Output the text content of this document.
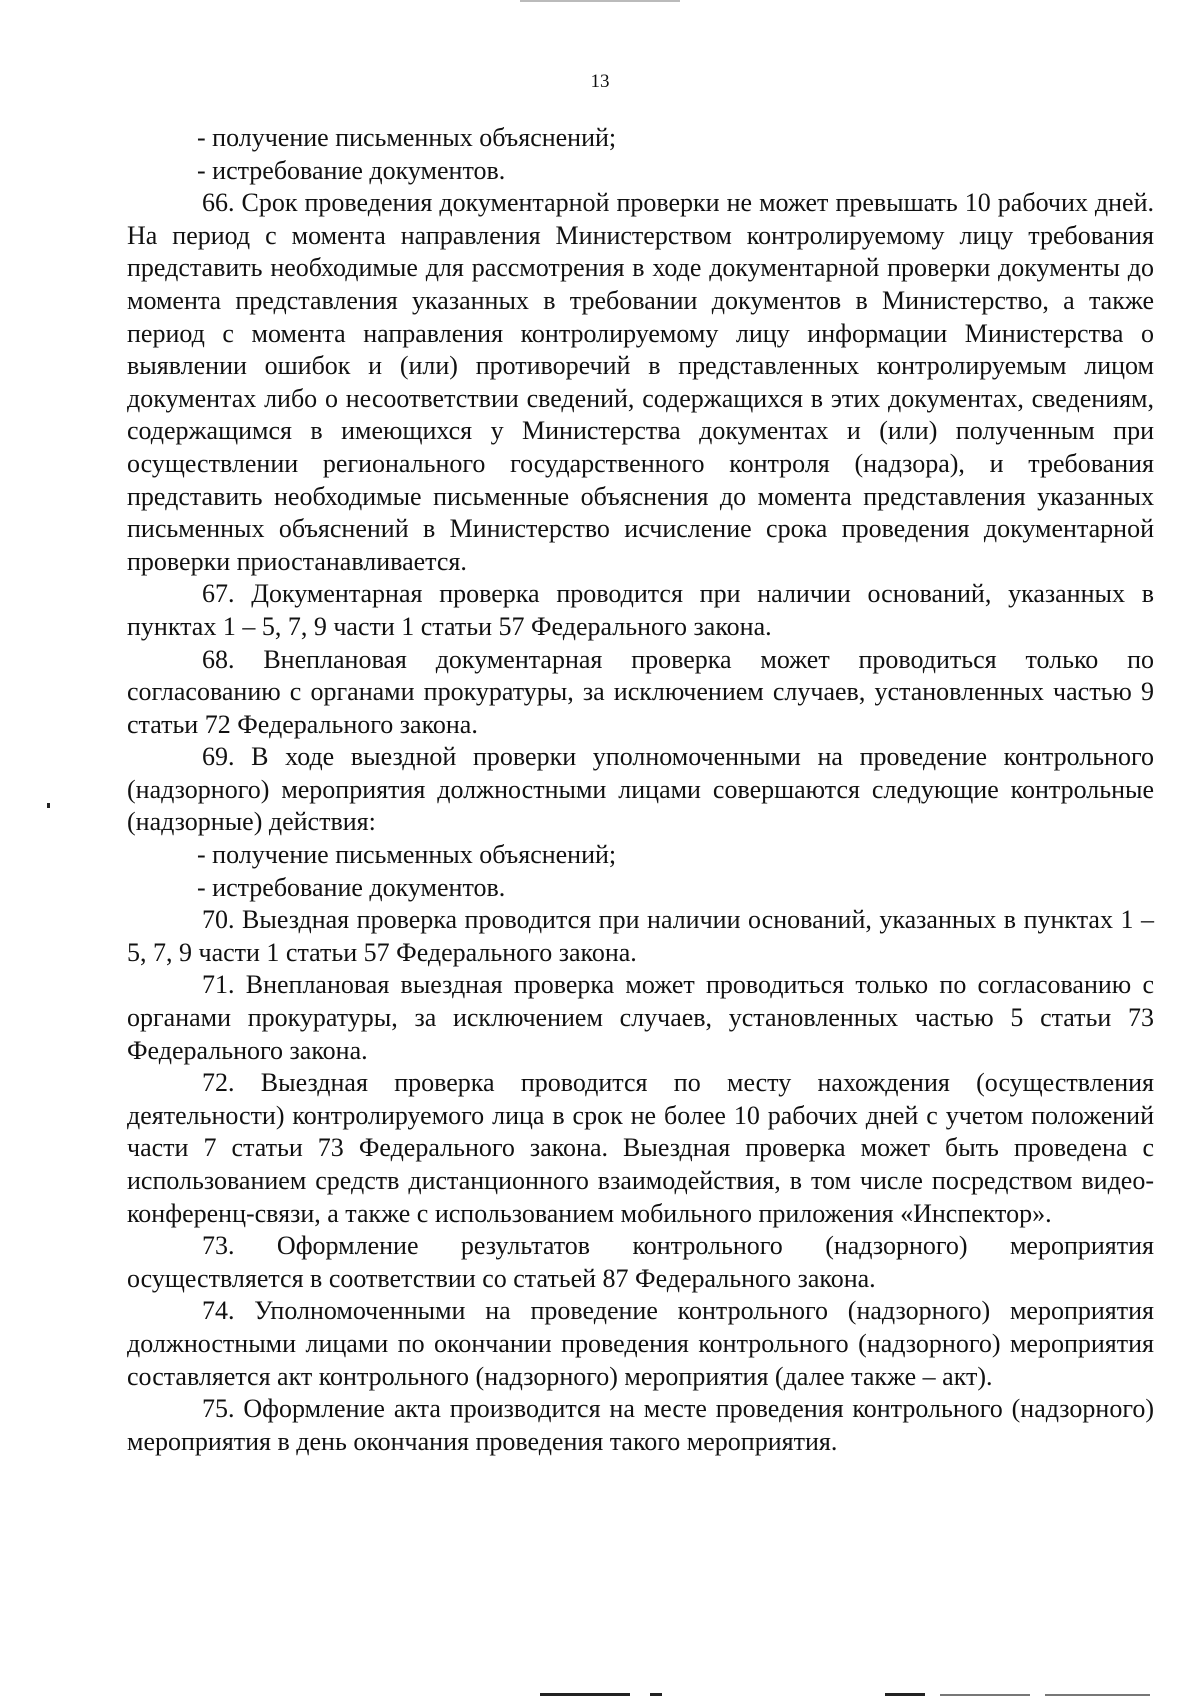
13

- получение письменных объяснений;

- истребование документов.

66. Срок проведения документарной проверки не может превышать 10 рабочих дней. На период с момента направления Министерством контролируемому лицу требования представить необходимые для рассмотрения в ходе документарной проверки документы до момента представления указанных в требовании документов в Министерство, а также период с момента направления контролируемому лицу информации Министерства о выявлении ошибок и (или) противоречий в представленных контролируемым лицом документах либо о несоответствии сведений, содержащихся в этих документах, сведениям, содержащимся в имеющихся у Министерства документах и (или) полученным при осуществлении регионального государственного контроля (надзора), и требования представить необходимые письменные объяснения до момента представления указанных письменных объяснений в Министерство исчисление срока проведения документарной проверки приостанавливается.

67. Документарная проверка проводится при наличии оснований, указанных в пунктах 1 – 5, 7, 9 части 1 статьи 57 Федерального закона.

68. Внеплановая документарная проверка может проводиться только по согласованию с органами прокуратуры, за исключением случаев, установленных частью 9 статьи 72 Федерального закона.

69. В ходе выездной проверки уполномоченными на проведение контрольного (надзорного) мероприятия должностными лицами совершаются следующие контрольные (надзорные) действия:

- получение письменных объяснений;

- истребование документов.

70. Выездная проверка проводится при наличии оснований, указанных в пунктах 1 – 5, 7, 9 части 1 статьи 57 Федерального закона.

71. Внеплановая выездная проверка может проводиться только по согласованию с органами прокуратуры, за исключением случаев, установленных частью 5 статьи 73 Федерального закона.

72. Выездная проверка проводится по месту нахождения (осуществления деятельности) контролируемого лица в срок не более 10 рабочих дней с учетом положений части 7 статьи 73 Федерального закона. Выездная проверка может быть проведена с использованием средств дистанционного взаимодействия, в том числе посредством видео-конференц-связи, а также с использованием мобильного приложения «Инспектор».

73. Оформление результатов контрольного (надзорного) мероприятия осуществляется в соответствии со статьей 87 Федерального закона.

74. Уполномоченными на проведение контрольного (надзорного) мероприятия должностными лицами по окончании проведения контрольного (надзорного) мероприятия составляется акт контрольного (надзорного) мероприятия (далее также – акт).

75. Оформление акта производится на месте проведения контрольного (надзорного) мероприятия в день окончания проведения такого мероприятия.
